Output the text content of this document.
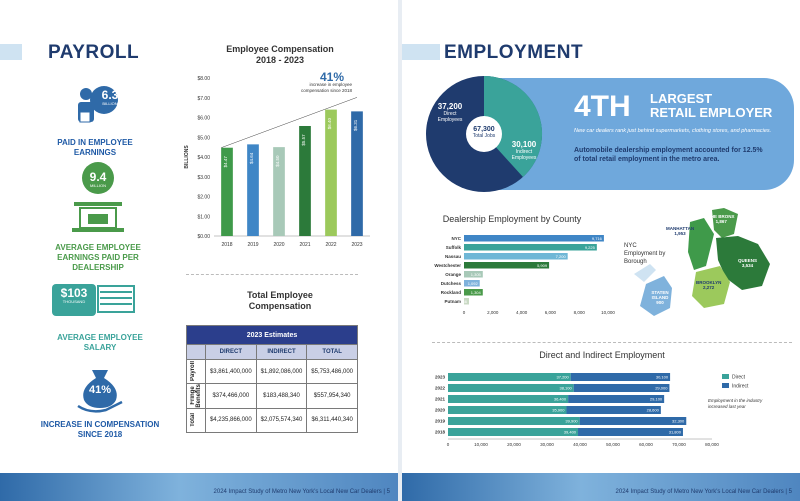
PAYROLL
6.3
BILLION
PAID IN EMPLOYEE EARNINGS
9.4
MILLION
AVERAGE EMPLOYEE EARNINGS PAID PER DEALERSHIP
$103
THOUSAND
AVERAGE EMPLOYEE SALARY
41%
INCREASE IN COMPENSATION SINCE 2018
Employee Compensation
2018 - 2023
BILLIONS
$0.00
$1.00
$2.00
$3.00
$4.00
$5.00
$6.00
$7.00
$8.00
$4.47
2018
$4.64
2019
$4.50
2020
$5.57
2021
$6.40
2022
$6.31
2023
41%
increase in employee compensation since 2018
Total Employee
Compensation
2023 Estimates			
	DIRECT	INDIRECT	TOTAL

Payroll	$3,861,400,000	$1,892,086,000	$5,753,486,000

Fringe Benefits	$374,466,000	$183,488,340	$557,954,340

Total	$4,235,866,000	$2,075,574,340	$6,311,440,340
2024 Impact Study of Metro New York's Local New Car Dealers | 5
EMPLOYMENT
37,200
Direct Employees
67,300
Total Jobs
30,100
Indirect Employees
4TH LARGEST
RETAIL EMPLOYER
New car dealers rank just behind supermarkets, clothing stores, and pharmacies.
Automobile dealership employment accounted for 12.5% of total retail employment in the metro area.
Dealership Employment by County
NYC	9,716
Suffolk	9,225
Nassau	7,200
Westchester	5,909
Orange 1,305
Dutchess 1,092
Rockland 1,304
Putnam 346
0	2,000	4,000	6,000	8,000	10,000
NYC Employment by Borough
MANHATTAN
1,953
THE BRONX
1,867
QUEENS
3,534
BROOKLYN
2,272
STATEN ISLAND
900
Direct and Indirect Employment
2023	37,200	30,100
2022	38,100	29,000
2021	36,400	29,100
2020	35,900	28,600
2019	39,900	32,300
2018	39,400	31,800
0	10,000	20,000	30,000	40,000	50,000	60,000	70,000	80,000
Direct
Indirect
Employment in the industry increased last year
2024 Impact Study of Metro New York's Local New Car Dealers | 5
